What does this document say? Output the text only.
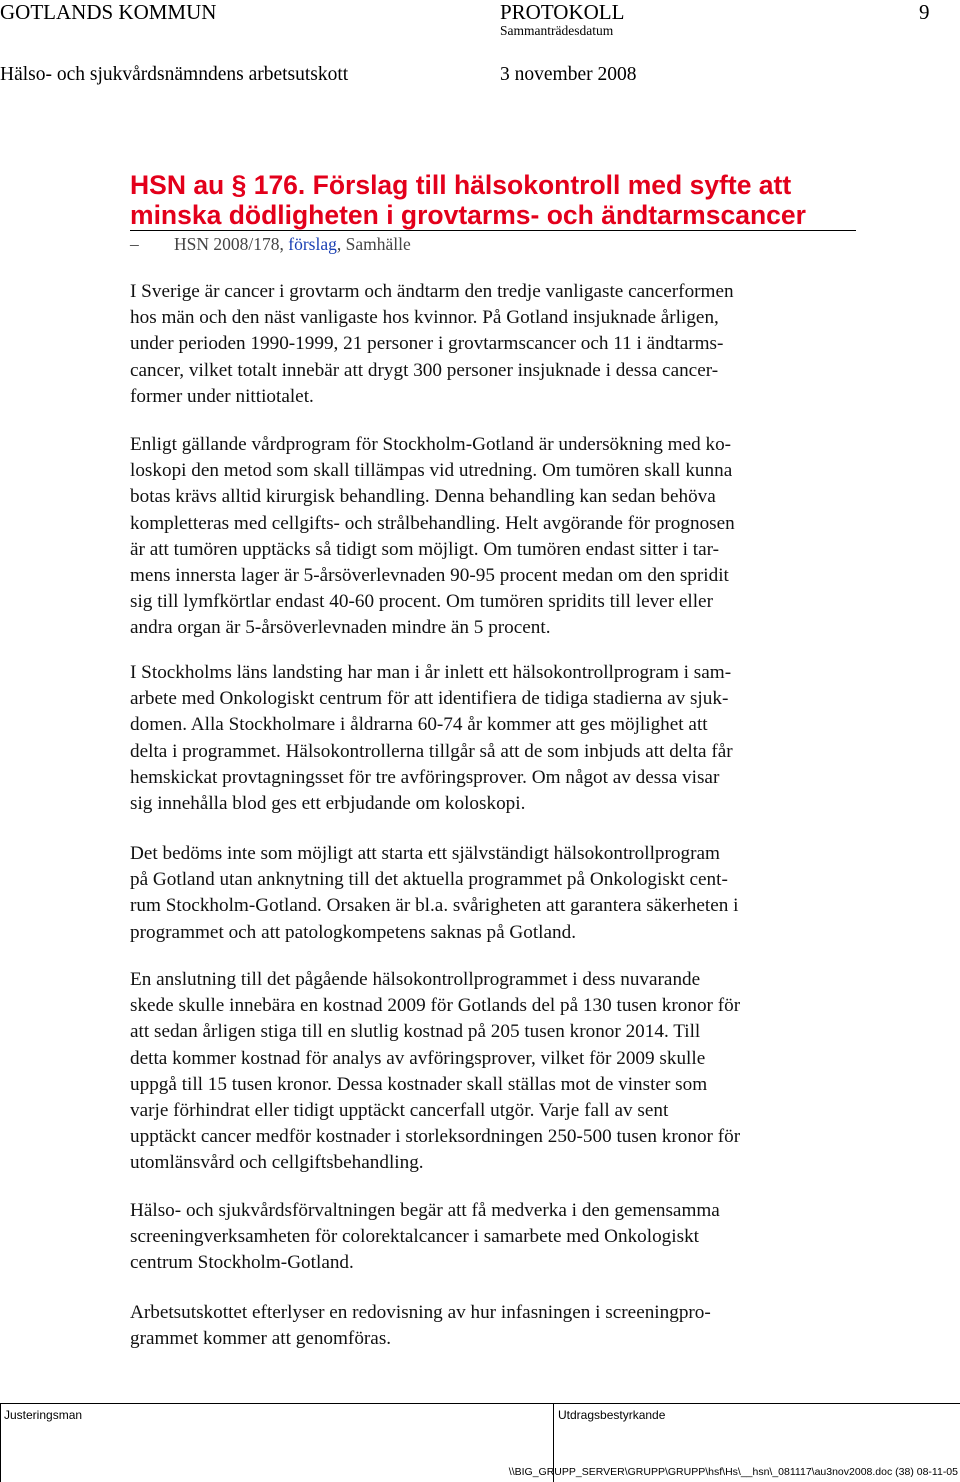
GOTLANDS KOMMUN	PROTOKOLL	9
Sammanträdesdatum
Hälso- och sjukvårdsnämndens arbetsutskott	3 november 2008
HSN au § 176. Förslag till hälsokontroll med syfte att
minska dödligheten i grovtarms- och ändtarmscancer
– HSN 2008/178, förslag, Samhälle
I Sverige är cancer i grovtarm och ändtarm den tredje vanligaste cancerformen
hos män och den näst vanligaste hos kvinnor. På Gotland insjuknade årligen,
under perioden 1990-1999, 21 personer i grovtarmscancer och 11 i ändtarms-
cancer, vilket totalt innebär att drygt 300 personer insjuknade i dessa cancer-
former under nittiotalet.
Enligt gällande vårdprogram för Stockholm-Gotland är undersökning med ko-
loskopi den metod som skall tillämpas vid utredning. Om tumören skall kunna
botas krävs alltid kirurgisk behandling. Denna behandling kan sedan behöva
kompletteras med cellgifts- och strålbehandling. Helt avgörande för prognosen
är att tumören upptäcks så tidigt som möjligt. Om tumören endast sitter i tar-
mens innersta lager är 5-årsöverlevnaden 90-95 procent medan om den spridit
sig till lymfkörtlar endast 40-60 procent. Om tumören spridits till lever eller
andra organ är 5-årsöverlevnaden mindre än 5 procent.
I Stockholms läns landsting har man i år inlett ett hälsokontrollprogram i sam-
arbete med Onkologiskt centrum för att identifiera de tidiga stadierna av sjuk-
domen. Alla Stockholmare i åldrarna 60-74 år kommer att ges möjlighet att
delta i programmet. Hälsokontrollerna tillgår så att de som inbjuds att delta får
hemskickat provtagningsset för tre avföringsprover. Om något av dessa visar
sig innehålla blod ges ett erbjudande om koloskopi.
Det bedöms inte som möjligt att starta ett självständigt hälsokontrollprogram
på Gotland utan anknytning till det aktuella programmet på Onkologiskt cent-
rum Stockholm-Gotland. Orsaken är bl.a. svårigheten att garantera säkerheten i
programmet och att patologkompetens saknas på Gotland.
En anslutning till det pågående hälsokontrollprogrammet i dess nuvarande
skede skulle innebära en kostnad 2009 för Gotlands del på 130 tusen kronor för
att sedan årligen stiga till en slutlig kostnad på 205 tusen kronor 2014. Till
detta kommer kostnad för analys av avföringsprover, vilket för 2009 skulle
uppgå till 15 tusen kronor. Dessa kostnader skall ställas mot de vinster som
varje förhindrat eller tidigt upptäckt cancerfall utgör. Varje fall av sent
upptäckt cancer medför kostnader i storleksordningen 250-500 tusen kronor för
utomlänsvård och cellgiftsbehandling.
Hälso- och sjukvårdsförvaltningen begär att få medverka i den gemensamma
screeningverksamheten för colorektalcancer i samarbete med Onkologiskt
centrum Stockholm-Gotland.
Arbetsutskottet efterlyser en redovisning av hur infasningen i screeningpro-
grammet kommer att genomföras.
Justeringsman	Utdragsbestyrkande
\\BIG_GRUPP_SERVER\GRUPP\GRUPP\hsf\Hs\__hsn\_081117\au3nov2008.doc (38) 08-11-05
